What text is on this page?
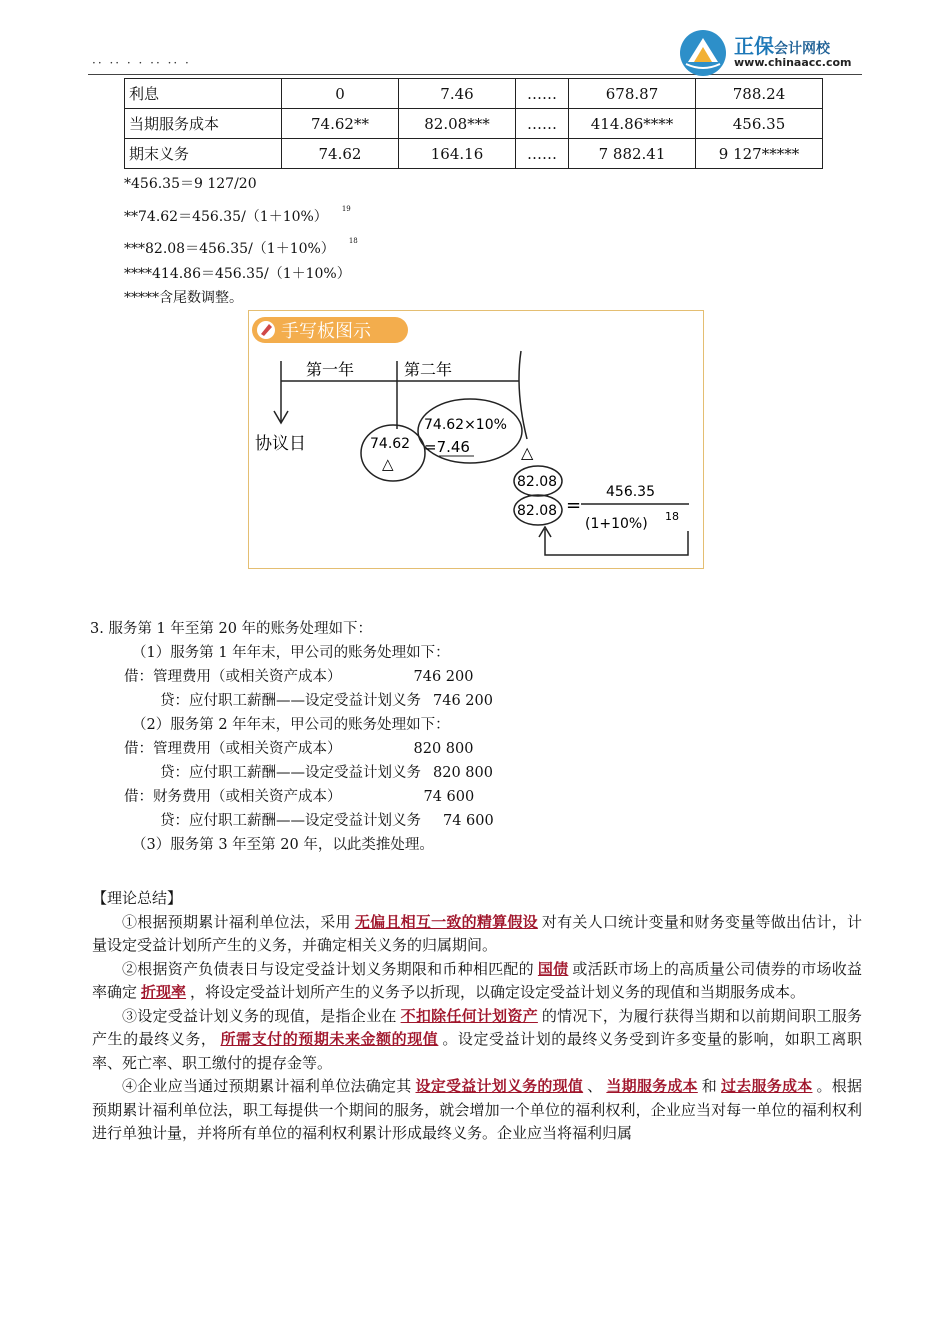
·· ·· · · ·· ·· ·
正保会计网校
www.chinaacc.com
利息	0	7.46	……	678.87	788.24
当期服务成本	74.62**	82.08***	……	414.86****	456.35
期末义务	74.62	164.16	……	7 882.41	9 127*****
*456.35＝9 127/20
**74.62＝456.35/（1＋10%） $^{19}$
***82.08＝456.35/（1＋10%） $^{18}$
****414.86＝456.35/（1＋10%）
*****含尾数调整。
手写板图示
第一年	第二年
协议日	74.62
△
74.62×10%
=7.46	△
82.08
82.08 =
456.35
(1+10%) 18
3. 服务第 1 年至第 20 年的账务处理如下：
（1）服务第 1 年年末，甲公司的账务处理如下：
借：管理费用（或相关资产成本）	746 200
贷：应付职工薪酬——设定受益计划义务 746 200
（2）服务第 2 年年末，甲公司的账务处理如下：
借：管理费用（或相关资产成本）	820 800
贷：应付职工薪酬——设定受益计划义务 820 800
借：财务费用（或相关资产成本）	74 600
贷：应付职工薪酬——设定受益计划义务 74 600
（3）服务第 3 年至第 20 年，以此类推处理。

【理论总结】

①根据预期累计福利单位法，采用 无偏且相互一致的精算假设 对有关人口统计变量和财务变量等做出估计，计量设定受益计划所产生的义务，并确定相关义务的归属期间。

②根据资产负债表日与设定受益计划义务期限和币种相匹配的 国债 或活跃市场上的高质量公司债券的市场收益率确定 折现率 ，将设定受益计划所产生的义务予以折现，以确定设定受益计划义务的现值和当期服务成本。

③设定受益计划义务的现值，是指企业在 不扣除任何计划资产 的情况下，为履行获得当期和以前期间职工服务产生的最终义务， 所需支付的预期未来金额的现值 。设定受益计划的最终义务受到许多变量的影响，如职工离职率、死亡率、职工缴付的提存金等。

④企业应当通过预期累计福利单位法确定其 设定受益计划义务的现值 、 当期服务成本 和 过去服务成本 。根据预期累计福利单位法，职工每提供一个期间的服务，就会增加一个单位的福利权利，企业应当对每一单位的福利权利进行单独计量，并将所有单位的福利权利累计形成最终义务。企业应当将福利归属
